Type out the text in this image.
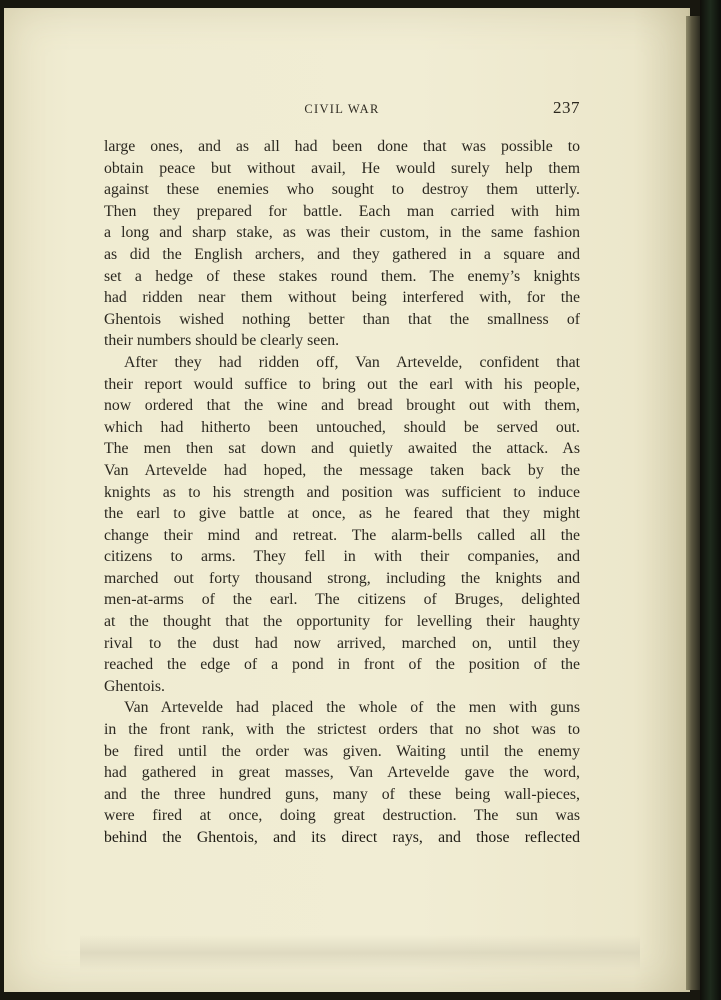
CIVIL WAR	237
large ones, and as all had been done that was possible to
obtain peace but without avail, He would surely help them
against these enemies who sought to destroy them utterly.
Then they prepared for battle. Each man carried with him
a long and sharp stake, as was their custom, in the same fashion
as did the English archers, and they gathered in a square and
set a hedge of these stakes round them. The enemy’s knights
had ridden near them without being interfered with, for the
Ghentois wished nothing better than that the smallness of
their numbers should be clearly seen.
After they had ridden off, Van Artevelde, confident that
their report would suffice to bring out the earl with his people,
now ordered that the wine and bread brought out with them,
which had hitherto been untouched, should be served out.
The men then sat down and quietly awaited the attack. As
Van Artevelde had hoped, the message taken back by the
knights as to his strength and position was sufficient to induce
the earl to give battle at once, as he feared that they might
change their mind and retreat. The alarm-bells called all the
citizens to arms. They fell in with their companies, and
marched out forty thousand strong, including the knights and
men-at-arms of the earl. The citizens of Bruges, delighted
at the thought that the opportunity for levelling their haughty
rival to the dust had now arrived, marched on, until they
reached the edge of a pond in front of the position of the
Ghentois.
Van Artevelde had placed the whole of the men with guns
in the front rank, with the strictest orders that no shot was to
be fired until the order was given. Waiting until the enemy
had gathered in great masses, Van Artevelde gave the word,
and the three hundred guns, many of these being wall-pieces,
were fired at once, doing great destruction. The sun was
behind the Ghentois, and its direct rays, and those reflected
